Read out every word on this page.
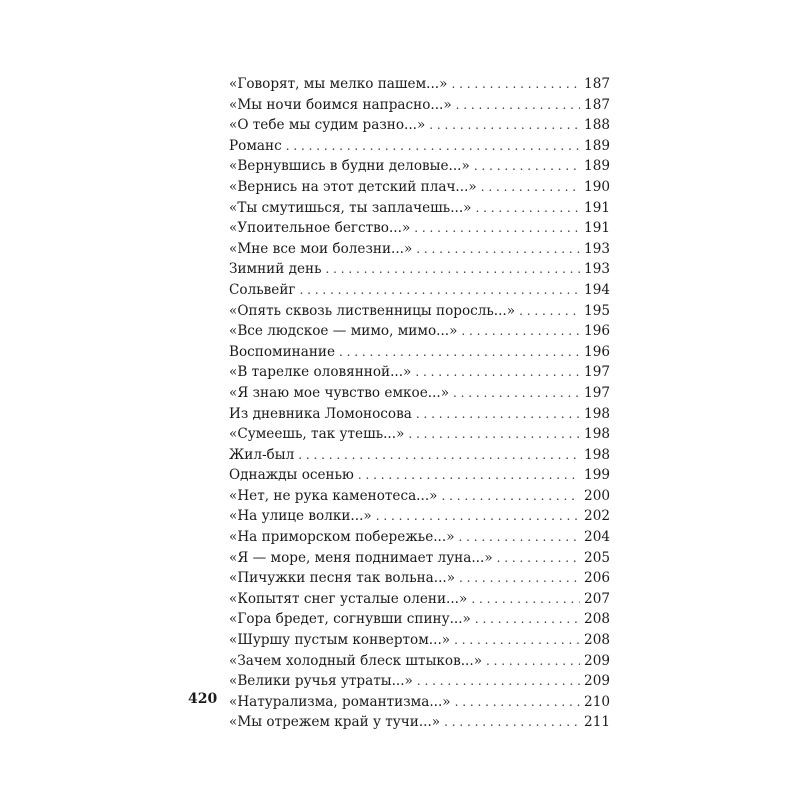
«Говорят, мы мелко пашем...» . . .	187
«Мы ночи боимся напрасно...» . . .	187
«О тебе мы судим разно...» . . .	188
Романс . . .	189
«Вернувшись в будни деловые...» . . .	189
«Вернись на этот детский плач...» . . .	190
«Ты смутишься, ты заплачешь...» . . .	191
«Упоительное бегство...» . . .	191
«Мне все мои болезни...» . . .	193
Зимний день . . .	193
Сольвейг . . .	194
«Опять сквозь лиственницы поросль...» . . .	195
«Все людское — мимо, мимо...» . . .	196
Воспоминание . . .	196
«В тарелке оловянной...» . . .	197
«Я знаю мое чувство емкое...» . . .	197
Из дневника Ломоносова . . .	198
«Сумеешь, так утешь...» . . .	198
Жил-был . . .	198
Однажды осенью . . .	199
«Нет, не рука каменотеса...» . . .	200
«На улице волки...» . . .	202
«На приморском побережье...» . . .	204
«Я — море, меня поднимает луна...» . . .	205
«Пичужки песня так вольна...» . . .	206
«Копытят снег усталые олени...» . . .	207
«Гора бредет, согнувши спину...» . . .	208
«Шуршу пустым конвертом...» . . .	208
«Зачем холодный блеск штыков...» . . .	209
«Велики ручья утраты...» . . .	209
«Натурализма, романтизма...» . . .	210
«Мы отрежем край у тучи...» . . .	211
420
